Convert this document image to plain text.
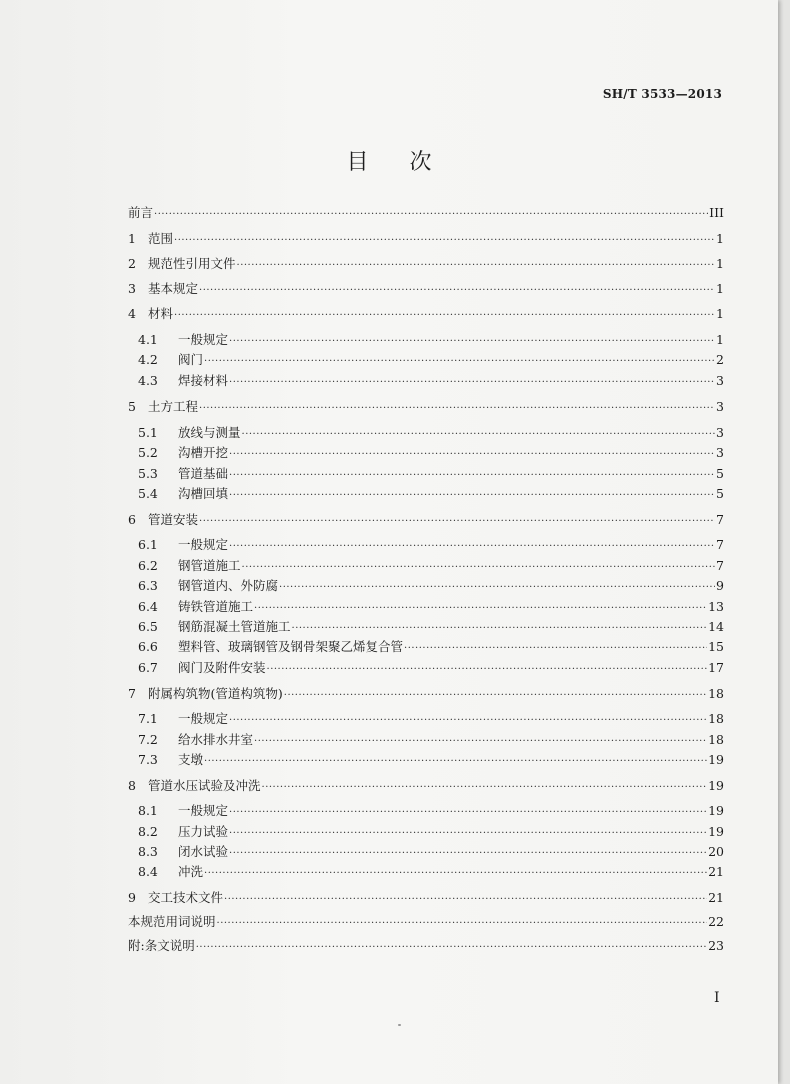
SH/T 3533—2013
目 次
前言 ·····	III
1 范围 ·····	1
2 规范性引用文件 ·····	1
3 基本规定 ·····	1
4 材料 ·····	1
4.1	一般规定 ·····	1
4.2	阀门 ·····	2
4.3	焊接材料 ·····	3
5 土方工程 ·····	3
5.1	放线与测量 ·····	3
5.2	沟槽开挖 ·····	3
5.3	管道基础 ·····	5
5.4	沟槽回填 ·····	5
6 管道安装 ·····	7
6.1	一般规定 ·····	7
6.2	钢管道施工 ·····	7
6.3	钢管道内、外防腐 ·····	9
6.4	铸铁管道施工 ·····	13
6.5	钢筋混凝土管道施工 ·····	14
6.6	塑料管、玻璃钢管及钢骨架聚乙烯复合管 ·····	15
6.7	阀门及附件安装 ·····	17
7 附属构筑物(管道构筑物) ·····	18
7.1	一般规定 ·····	18
7.2	给水排水井室 ·····	18
7.3	支墩 ·····	19
8 管道水压试验及冲洗 ·····	19
8.1	一般规定 ·····	19
8.2	压力试验 ·····	19
8.3	闭水试验 ·····	20
8.4	冲洗 ·····	21
9 交工技术文件 ·····	21
本规范用词说明 ·····	22
附:条文说明 ·····	23
I
